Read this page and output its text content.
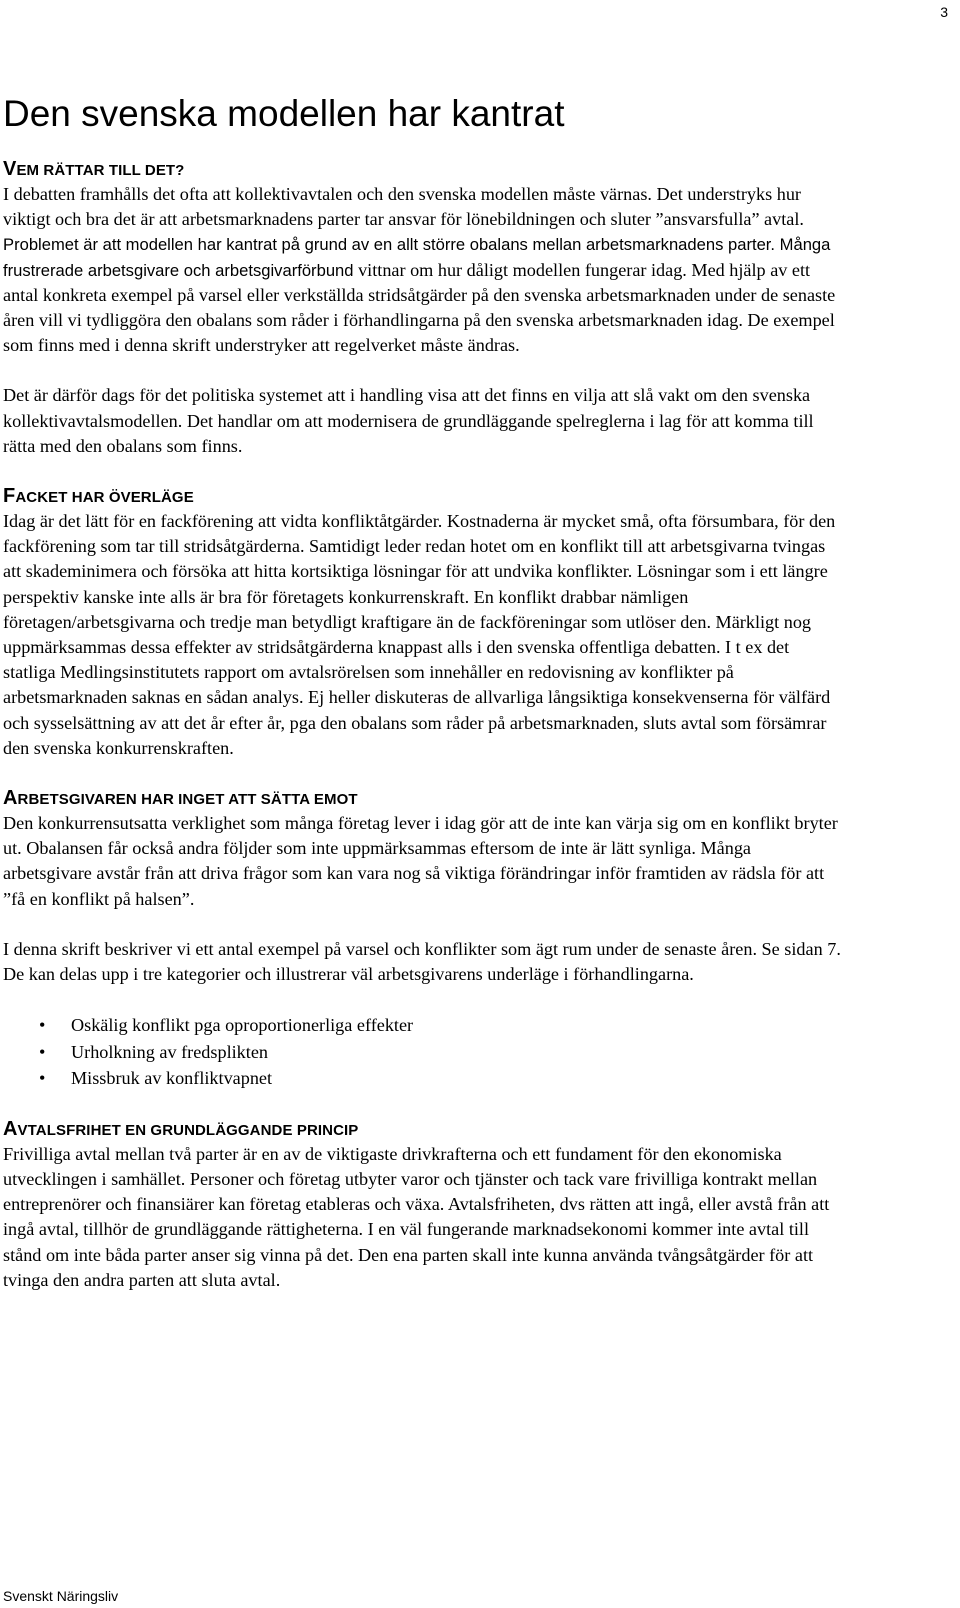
3
Den svenska modellen har kantrat
VEM RÄTTAR TILL DET?

I debatten framhålls det ofta att kollektivavtalen och den svenska modellen måste värnas. Det understryks hur viktigt och bra det är att arbetsmarknadens parter tar ansvar för lönebildningen och sluter ”ansvarsfulla” avtal. Problemet är att modellen har kantrat på grund av en allt större obalans mellan arbetsmarknadens parter. Många frustrerade arbetsgivare och arbetsgivarförbund vittnar om hur dåligt modellen fungerar idag. Med hjälp av ett antal konkreta exempel på varsel eller verkställda stridsåtgärder på den svenska arbetsmarknaden under de senaste åren vill vi tydliggöra den obalans som råder i förhandlingarna på den svenska arbetsmarknaden idag. De exempel som finns med i denna skrift understryker att regelverket måste ändras.

Det är därför dags för det politiska systemet att i handling visa att det finns en vilja att slå vakt om den svenska kollektivavtalsmodellen. Det handlar om att modernisera de grundläggande spelreglerna i lag för att komma till rätta med den obalans som finns.

FACKET HAR ÖVERLÄGE

Idag är det lätt för en fackförening att vidta konfliktåtgärder. Kostnaderna är mycket små, ofta försumbara, för den fackförening som tar till stridsåtgärderna. Samtidigt leder redan hotet om en konflikt till att arbetsgivarna tvingas att skademinimera och försöka att hitta kortsiktiga lösningar för att undvika konflikter. Lösningar som i ett längre perspektiv kanske inte alls är bra för företagets konkurrenskraft. En konflikt drabbar nämligen företagen/arbetsgivarna och tredje man betydligt kraftigare än de fackföreningar som utlöser den. Märkligt nog uppmärksammas dessa effekter av stridsåtgärderna knappast alls i den svenska offentliga debatten. I t ex det statliga Medlingsinstitutets rapport om avtalsrörelsen som innehåller en redovisning av konflikter på arbetsmarknaden saknas en sådan analys. Ej heller diskuteras de allvarliga långsiktiga konsekvenserna för välfärd och sysselsättning av att det år efter år, pga den obalans som råder på arbetsmarknaden, sluts avtal som försämrar den svenska konkurrenskraften.

ARBETSGIVAREN HAR INGET ATT SÄTTA EMOT

Den konkurrensutsatta verklighet som många företag lever i idag gör att de inte kan värja sig om en konflikt bryter ut. Obalansen får också andra följder som inte uppmärksammas eftersom de inte är lätt synliga. Många arbetsgivare avstår från att driva frågor som kan vara nog så viktiga förändringar inför framtiden av rädsla för att ”få en konflikt på halsen”.

I denna skrift beskriver vi ett antal exempel på varsel och konflikter som ägt rum under de senaste åren. Se sidan 7. De kan delas upp i tre kategorier och illustrerar väl arbetsgivarens underläge i förhandlingarna.

• Oskälig konflikt pga oproportionerliga effekter
• Urholkning av fredsplikten
• Missbruk av konfliktvapnet
AVTALSFRIHET EN GRUNDLÄGGANDE PRINCIP

Frivilliga avtal mellan två parter är en av de viktigaste drivkrafterna och ett fundament för den ekonomiska utvecklingen i samhället. Personer och företag utbyter varor och tjänster och tack vare frivilliga kontrakt mellan entreprenörer och finansiärer kan företag etableras och växa. Avtalsfriheten, dvs rätten att ingå, eller avstå från att ingå avtal, tillhör de grundläggande rättigheterna. I en väl fungerande marknadsekonomi kommer inte avtal till stånd om inte båda parter anser sig vinna på det. Den ena parten skall inte kunna använda tvångsåtgärder för att tvinga den andra parten att sluta avtal.

Svenskt Näringsliv
